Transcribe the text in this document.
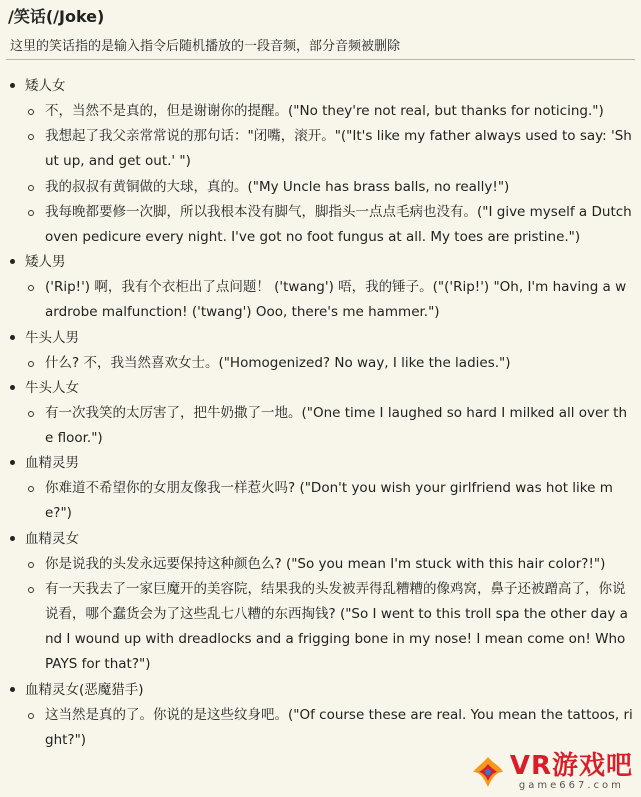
/笑话(/Joke)
这里的笑话指的是输入指令后随机播放的一段音频，部分音频被删除
矮人女
不，当然不是真的，但是谢谢你的提醒。("No they're not real, but thanks for noticing.")
我想起了我父亲常常说的那句话："闭嘴，滚开。"("It's like my father always used to say: 'Shut up, and get out.' ")
我的叔叔有黄铜做的大球，真的。("My Uncle has brass balls, no really!")
我每晚都要修一次脚，所以我根本没有脚气，脚指头一点点毛病也没有。("I give myself a Dutch oven pedicure every night. I've got no foot fungus at all. My toes are pristine.")
矮人男
('Rip!') 啊，我有个衣柜出了点问题！ ('twang') 唔，我的锤子。("('Rip!') "Oh, I'm having a wardrobe malfunction! ('twang') Ooo, there's me hammer.")
牛头人男
什么? 不，我当然喜欢女士。("Homogenized? No way, I like the ladies.")
牛头人女
有一次我笑的太厉害了，把牛奶撒了一地。("One time I laughed so hard I milked all over the floor.")
血精灵男
你难道不希望你的女朋友像我一样惹火吗? ("Don't you wish your girlfriend was hot like me?")
血精灵女
你是说我的头发永远要保持这种颜色么? ("So you mean I'm stuck with this hair color?!")
有一天我去了一家巨魔开的美容院，结果我的头发被弄得乱糟糟的像鸡窝，鼻子还被蹭高了，你说说看，哪个蠢货会为了这些乱七八糟的东西掏钱? ("So I went to this troll spa the other day and I wound up with dreadlocks and a frigging bone in my nose! I mean come on! Who PAYS for that?")
血精灵女(恶魔猎手)
这当然是真的了。你说的是这些纹身吧。("Of course these are real. You mean the tattoos, right?")
VR游戏吧
game667.com
